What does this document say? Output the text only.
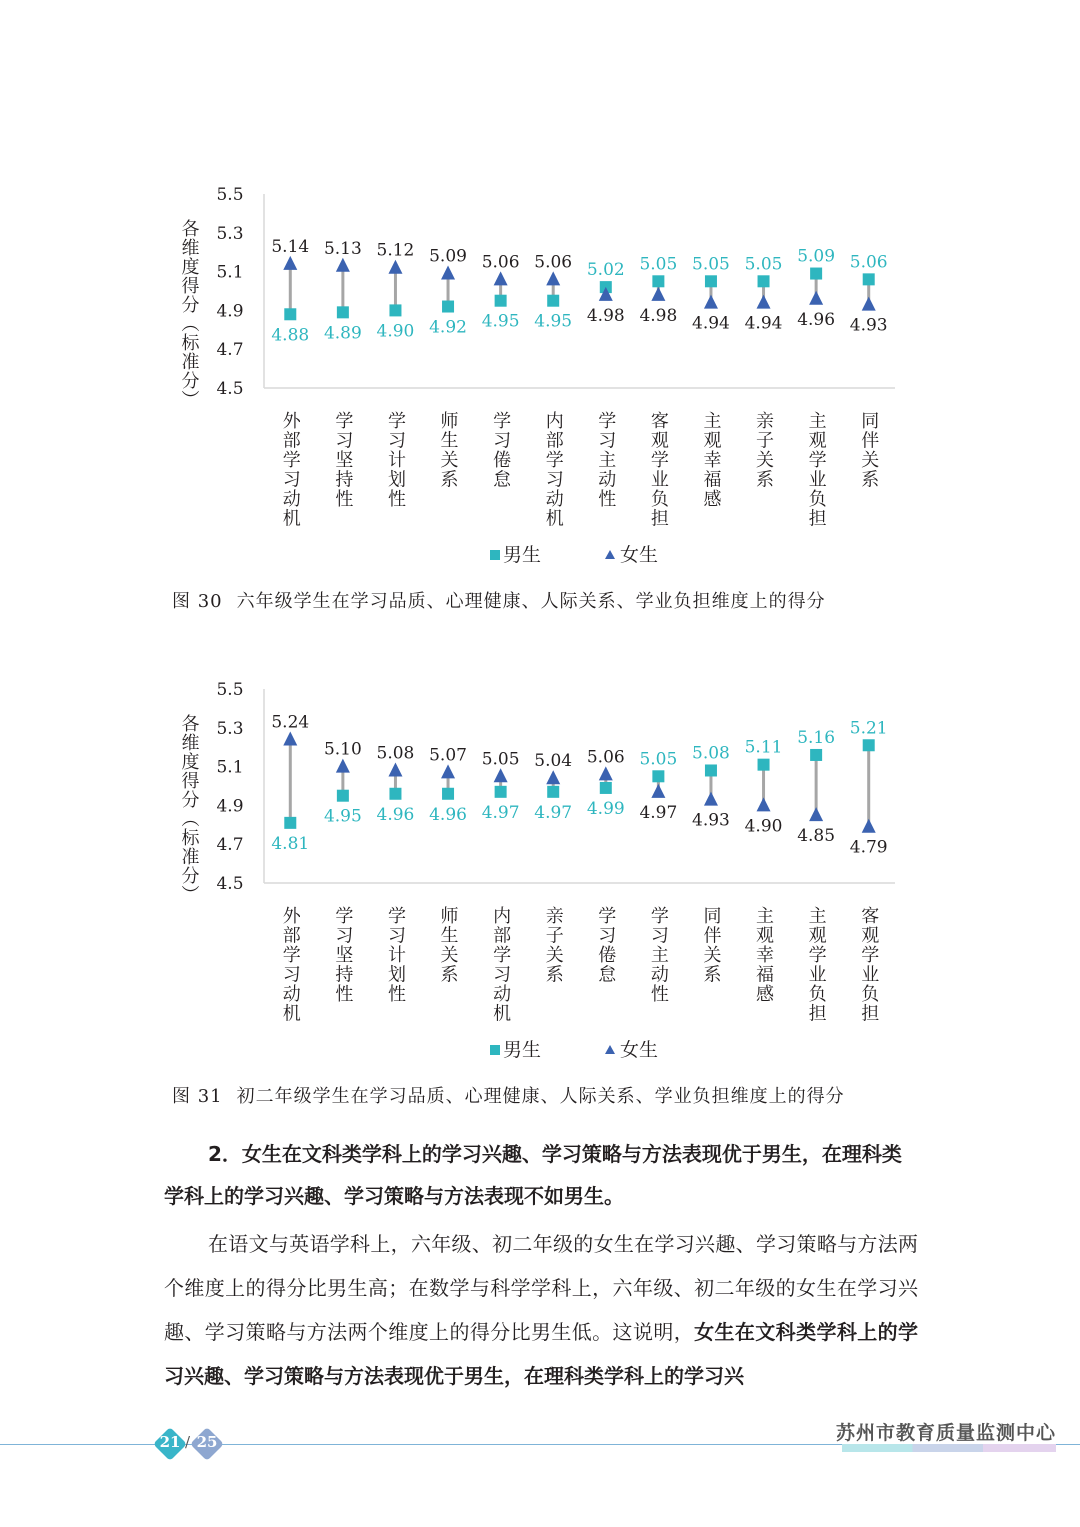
5.5
5.3
5.1
4.9
4.7
4.5
各维度得分（标准分）	4.88
5.14
外部学习动机
4.89
5.13
学习坚持性
4.90
5.12
学习计划性
4.92
5.09
师生关系
4.95
5.06
学习倦怠
4.95
5.06
内部学习动机
5.02
4.98
学习主动性
5.05
4.98
客观学业负担
5.05
4.94
主观幸福感
5.05
4.94
亲子关系
5.09
4.96
主观学业负担
5.06
4.93
同伴关系
男生	女生
图 30 六年级学生在学习品质、心理健康、人际关系、学业负担维度上的得分
5.5
5.3
5.1
4.9
4.7
4.5
各维度得分（标准分）	4.81
5.24
外部学习动机
4.95
5.10
学习坚持性
4.96
5.08
学习计划性
4.96
5.07
师生关系
4.97
5.05
内部学习动机
4.97
5.04
亲子关系
4.99
5.06
学习倦怠
5.05
4.97
学习主动性
5.08
4.93
同伴关系
5.11
4.90
主观幸福感
5.16
4.85
主观学业负担
5.21
4.79
客观学业负担
男生	女生
图 31 初二年级学生在学习品质、心理健康、人际关系、学业负担维度上的得分
2．女生在文科类学科上的学习兴趣、学习策略与方法表现优于男生，在理科类学科上的学习兴趣、学习策略与方法表现不如男生。
在语文与英语学科上，六年级、初二年级的女生在学习兴趣、学习策略与方法两个维度上的得分比男生高；在数学与科学学科上，六年级、初二年级的女生在学习兴趣、学习策略与方法两个维度上的得分比男生低。这说明，女生在文科类学科上的学习兴趣、学习策略与方法表现优于男生，在理科类学科上的学习兴
21 / 25	苏州市教育质量监测中心
